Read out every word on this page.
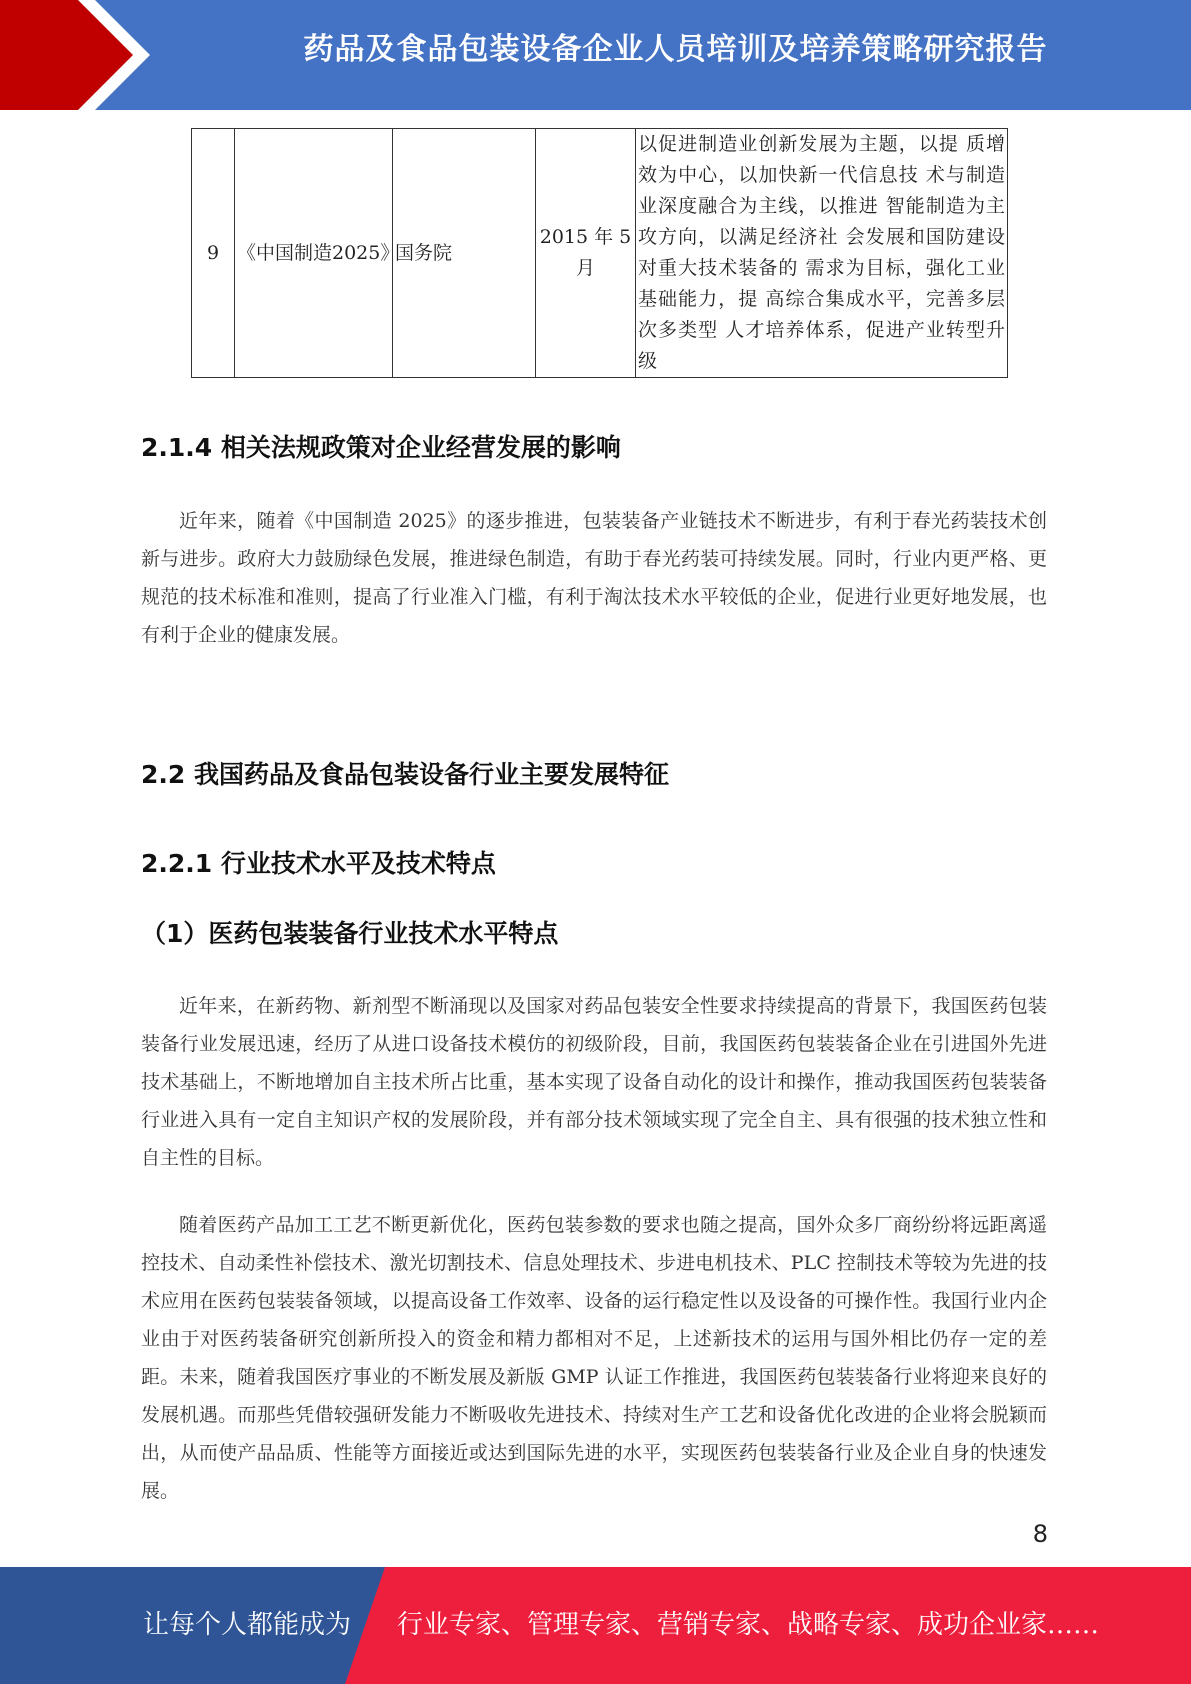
药品及食品包装设备企业人员培训及培养策略研究报告
9	《中国制造2025》	国务院	2015 年 5 月	以促进制造业创新发展为主题，以提 质增效为中心，以加快新一代信息技 术与制造业深度融合为主线，以推进 智能制造为主攻方向，以满足经济社 会发展和国防建设对重大技术装备的 需求为目标，强化工业基础能力，提 高综合集成水平，完善多层次多类型 人才培养体系，促进产业转型升级
2.1.4 相关法规政策对企业经营发展的影响

近年来，随着《中国制造 2025》的逐步推进，包装装备产业链技术不断进步，有利于春光药装技术创新与进步。政府大力鼓励绿色发展，推进绿色制造，有助于春光药装可持续发展。同时，行业内更严格、更规范的技术标准和准则，提高了行业准入门槛，有利于淘汰技术水平较低的企业，促进行业更好地发展，也有利于企业的健康发展。

2.2 我国药品及食品包装设备行业主要发展特征
2.2.1 行业技术水平及技术特点
（1）医药包装装备行业技术水平特点

近年来，在新药物、新剂型不断涌现以及国家对药品包装安全性要求持续提高的背景下，我国医药包装装备行业发展迅速，经历了从进口设备技术模仿的初级阶段，目前，我国医药包装装备企业在引进国外先进技术基础上，不断地增加自主技术所占比重，基本实现了设备自动化的设计和操作，推动我国医药包装装备行业进入具有一定自主知识产权的发展阶段，并有部分技术领域实现了完全自主、具有很强的技术独立性和自主性的目标。

随着医药产品加工工艺不断更新优化，医药包装参数的要求也随之提高，国外众多厂商纷纷将远距离遥控技术、自动柔性补偿技术、激光切割技术、信息处理技术、步进电机技术、PLC 控制技术等较为先进的技术应用在医药包装装备领域，以提高设备工作效率、设备的运行稳定性以及设备的可操作性。我国行业内企业由于对医药装备研究创新所投入的资金和精力都相对不足，上述新技术的运用与国外相比仍存一定的差距。未来，随着我国医疗事业的不断发展及新版 GMP 认证工作推进，我国医药包装装备行业将迎来良好的发展机遇。而那些凭借较强研发能力不断吸收先进技术、持续对生产工艺和设备优化改进的企业将会脱颖而出，从而使产品品质、性能等方面接近或达到国际先进的水平，实现医药包装装备行业及企业自身的快速发展。

8
让每个人都能成为 行业专家、管理专家、营销专家、战略专家、成功企业家……
